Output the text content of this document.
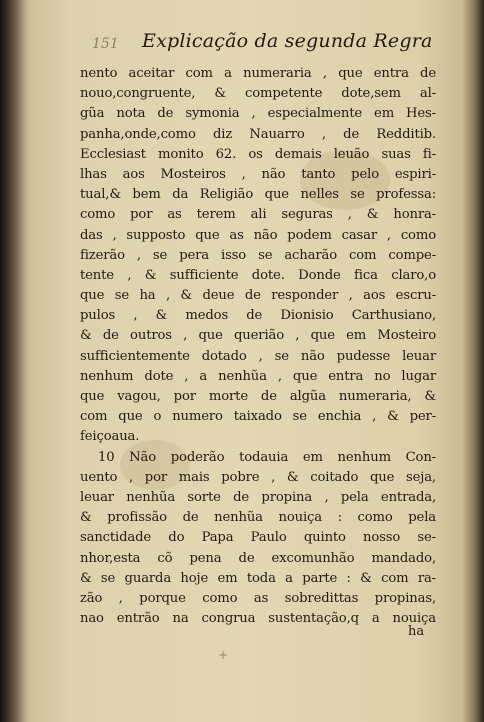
151 Explicação da segunda Regra
nento aceitar com a numeraria , que entra de
nouo,congruente, & competente dote,sem al-
gũa nota de symonia , especialmente em Hes-
panha,onde,como diz Nauarro , de Redditib.
Ecclesiast monito 62. os demais leuão suas fi-
lhas aos Mosteiros , não tanto pelo espiri-
tual,& bem da Religião que nelles se professa:
como por as terem ali seguras , & honra-
das , supposto que as não podem casar , como
fizerão , se pera isso se acharão com compe-
tente , & sufficiente dote. Donde fica claro,o
que se ha , & deue de responder , aos escru-
pulos , & medos de Dionisio Carthusiano,
& de outros , que querião , que em Mosteiro
sufficientemente dotado , se não pudesse leuar
nenhum dote , a nenhũa , que entra no lugar
que vagou, por morte de algũa numeraria, &
com que o numero taixado se enchia , & per-
feiçoaua.
10 Não poderão todauia em nenhum Con-
uento , por mais pobre , & coitado que seja,
leuar nenhũa sorte de propina , pela entrada,
& profissão de nenhũa nouiça : como pela
sanctidade do Papa Paulo quinto nosso se-
nhor,esta cõ pena de excomunhão mandado,
& se guarda hoje em toda a parte : & com ra-
zão , porque como as sobredittas propinas,
nao entrão na congrua sustentação,q a nouiça
ha
+
